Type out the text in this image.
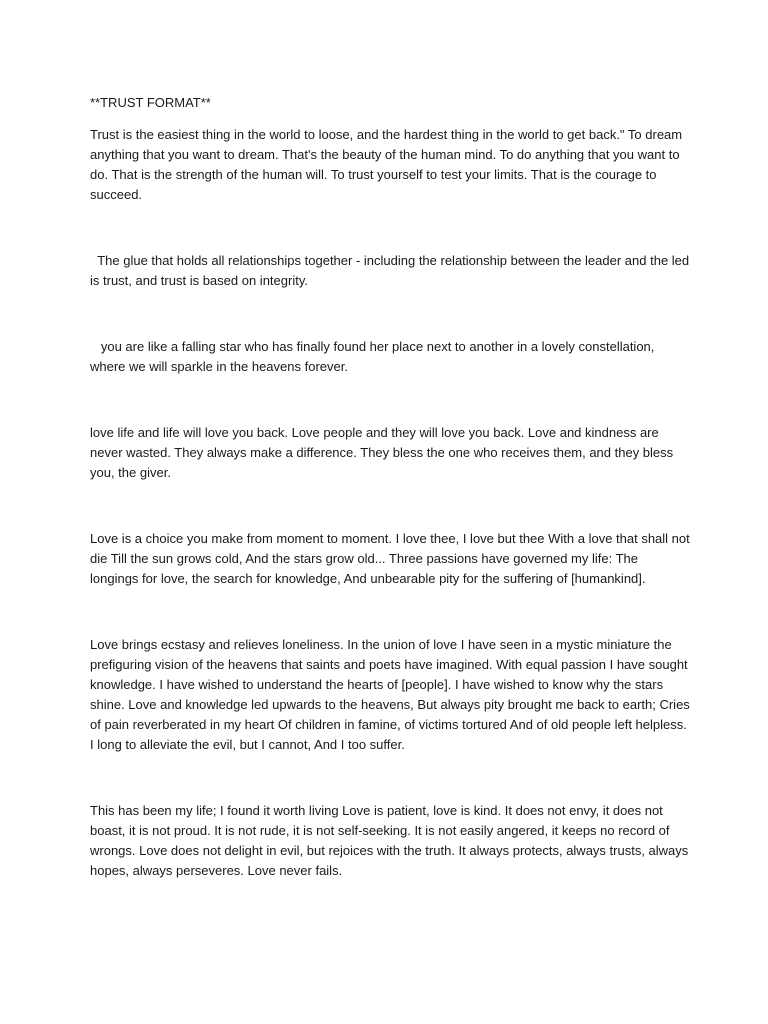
**TRUST FORMAT**

Trust is the easiest thing in the world to loose, and the hardest thing in the world to get back." To dream anything that you want to dream. That's the beauty of the human mind. To do anything that you want to do. That is the strength of the human will. To trust yourself to test your limits. That is the courage to succeed.

The glue that holds all relationships together - including the relationship between the leader and the led is trust, and trust is based on integrity.

you are like a falling star who has finally found her place next to another in a lovely constellation, where we will sparkle in the heavens forever.

love life and life will love you back. Love people and they will love you back. Love and kindness are never wasted. They always make a difference. They bless the one who receives them, and they bless you, the giver.

Love is a choice you make from moment to moment. I love thee, I love but thee With a love that shall not die Till the sun grows cold, And the stars grow old... Three passions have governed my life: The longings for love, the search for knowledge, And unbearable pity for the suffering of [humankind].

Love brings ecstasy and relieves loneliness. In the union of love I have seen in a mystic miniature the prefiguring vision of the heavens that saints and poets have imagined. With equal passion I have sought knowledge. I have wished to understand the hearts of [people]. I have wished to know why the stars shine. Love and knowledge led upwards to the heavens, But always pity brought me back to earth; Cries of pain reverberated in my heart Of children in famine, of victims tortured And of old people left helpless. I long to alleviate the evil, but I cannot, And I too suffer.

This has been my life; I found it worth living Love is patient, love is kind. It does not envy, it does not boast, it is not proud. It is not rude, it is not self-seeking. It is not easily angered, it keeps no record of wrongs. Love does not delight in evil, but rejoices with the truth. It always protects, always trusts, always hopes, always perseveres. Love never fails.
